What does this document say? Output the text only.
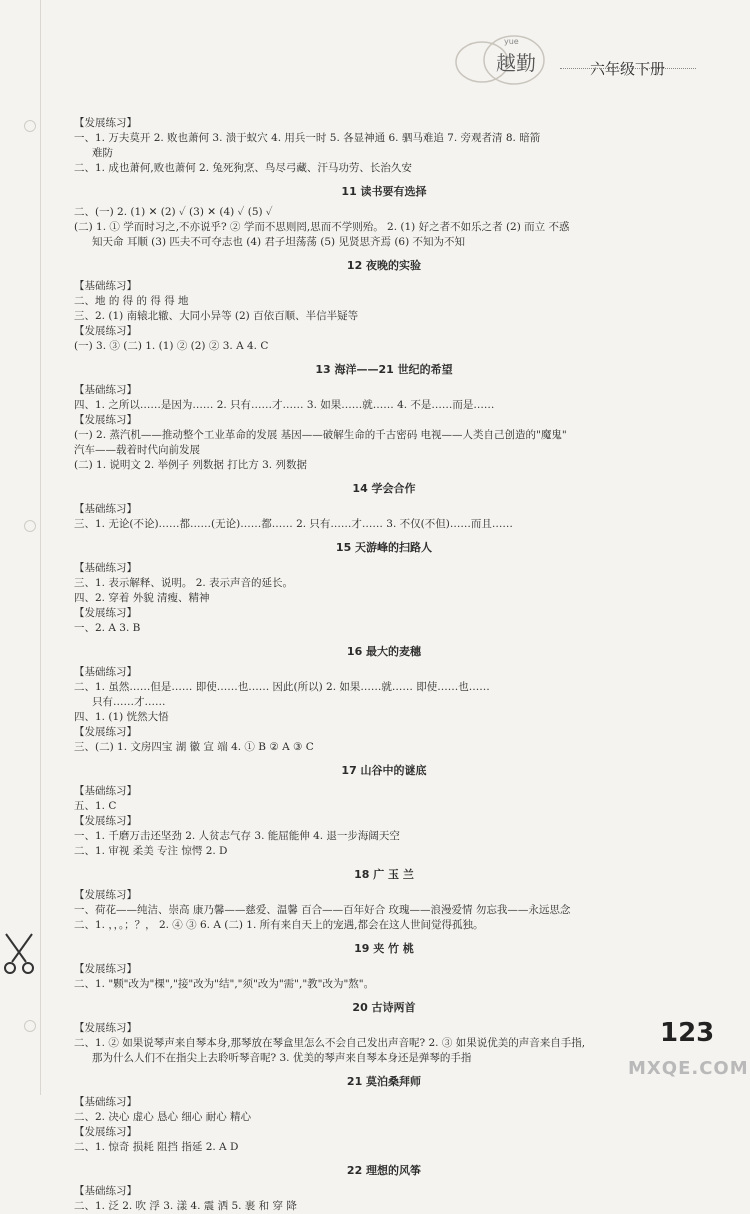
yue
越勤	六年级下册
【发展练习】
一、1. 万夫莫开 2. 败也萧何 3. 溃于蚁穴 4. 用兵一时 5. 各显神通 6. 驷马难追 7. 旁观者清 8. 暗箭
难防
二、1. 成也萧何,败也萧何 2. 兔死狗烹、鸟尽弓藏、汗马功劳、长治久安
11 读书要有选择
二、(一) 2. (1) ✕ (2) ✓ (3) ✕ (4) ✓ (5) ✓
(二) 1. ① 学而时习之,不亦说乎? ② 学而不思则罔,思而不学则殆。 2. (1) 好之者不如乐之者 (2) 而立 不惑
知天命 耳顺 (3) 匹夫不可夺志也 (4) 君子坦荡荡 (5) 见贤思齐焉 (6) 不知为不知
12 夜晚的实验
【基础练习】
二、地 的 得 的 得 得 地
三、2. (1) 南辕北辙、大同小异等 (2) 百依百顺、半信半疑等
【发展练习】
(一) 3. ③ (二) 1. (1) ② (2) ② 3. A 4. C
13 海洋——21 世纪的希望
【基础练习】
四、1. 之所以……是因为…… 2. 只有……才…… 3. 如果……就…… 4. 不是……而是……
【发展练习】
(一) 2. 蒸汽机——推动整个工业革命的发展 基因——破解生命的千古密码 电视——人类自己创造的"魔鬼"
汽车——载着时代向前发展
(二) 1. 说明文 2. 举例子 列数据 打比方 3. 列数据
14 学会合作
【基础练习】
三、1. 无论(不论)……都……(无论)……都…… 2. 只有……才…… 3. 不仅(不但)……而且……
15 天游峰的扫路人
【基础练习】
三、1. 表示解释、说明。 2. 表示声音的延长。
四、2. 穿着 外貌 清瘦、精神
【发展练习】
一、2. A 3. B
16 最大的麦穗
【基础练习】
二、1. 虽然……但是…… 即使……也…… 因此(所以) 2. 如果……就…… 即使……也……
只有……才……
四、1. (1) 恍然大悟
【发展练习】
三、(二) 1. 文房四宝 湖 徽 宣 端 4. ① B ② A ③ C
17 山谷中的谜底
【基础练习】
五、1. C
【发展练习】
一、1. 千磨万击还坚劲 2. 人贫志气存 3. 能屈能伸 4. 退一步海阔天空
二、1. 审视 柔美 专注 惊愕 2. D
18 广 玉 兰
【发展练习】
一、荷花——纯洁、崇高 康乃馨——慈爱、温馨 百合——百年好合 玫瑰——浪漫爱情 勿忘我——永远思念
二、1. ，，。；？， 2. ④ ③ 6. A (二) 1. 所有来自天上的宠遇,都会在这人世间觉得孤独。
19 夹 竹 桃
【发展练习】
二、1. "颗"改为"棵","接"改为"结","须"改为"需","教"改为"熬"。
20 古诗两首
【发展练习】
二、1. ② 如果说琴声来自琴本身,那琴放在琴盒里怎么不会自己发出声音呢? 2. ③ 如果说优美的声音来自手指,
那为什么人们不在指尖上去聆听琴音呢? 3. 优美的琴声来自琴本身还是弹琴的手指
21 莫泊桑拜师
【基础练习】
二、2. 决心 虚心 恳心 细心 耐心 精心
【发展练习】
二、1. 惊奇 损耗 阻挡 指延 2. A D
22 理想的风筝
【基础练习】
二、1. 泛 2. 吹 浮 3. 漾 4. 震 洒 5. 裹 和 穿 降
123
MXQE.COM
